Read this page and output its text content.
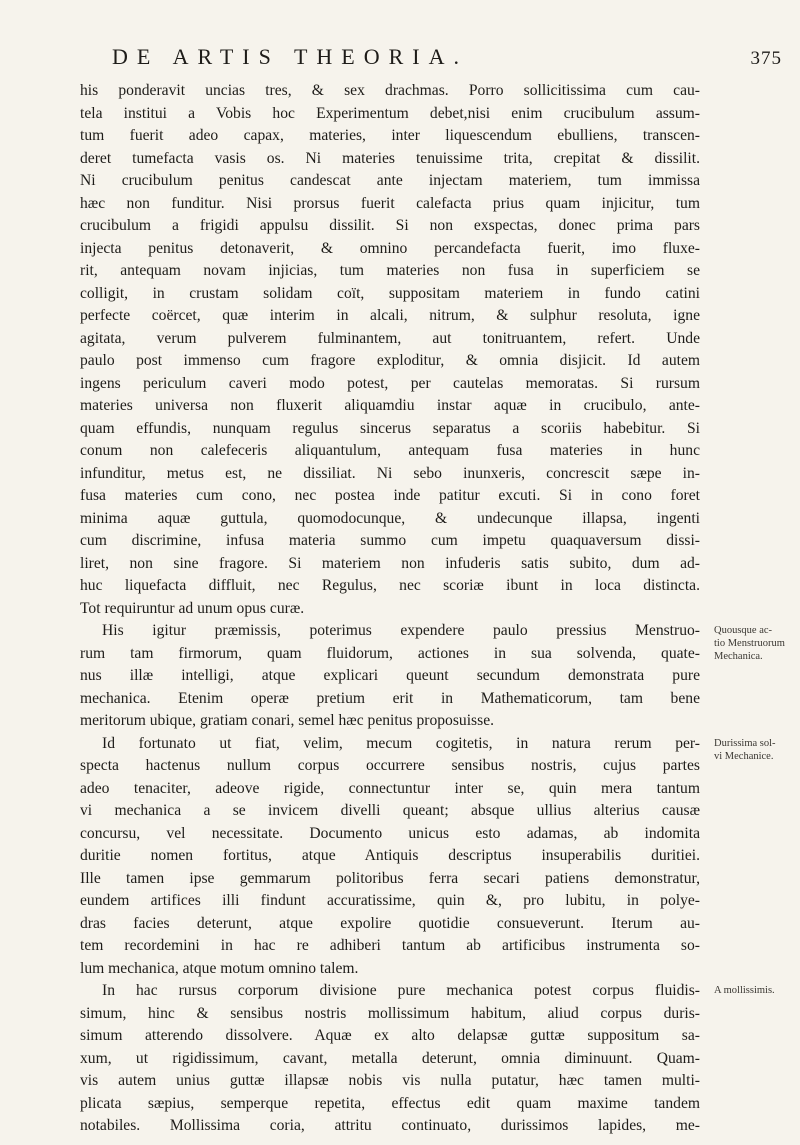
DE ARTIS THEORIA.	375
his ponderavit uncias tres, & sex drachmas. Porro sollicitissima cum cau-
tela institui a Vobis hoc Experimentum debet,nisi enim crucibulum assum-
tum fuerit adeo capax, materies, inter liquescendum ebulliens, transcen-
deret tumefacta vasis os. Ni materies tenuissime trita, crepitat & dissilit.
Ni crucibulum penitus candescat ante injectam materiem, tum immissa
hæc non funditur. Nisi prorsus fuerit calefacta prius quam injicitur, tum
crucibulum a frigidi appulsu dissilit. Si non exspectas, donec prima pars
injecta penitus detonaverit, & omnino percandefacta fuerit, imo fluxe-
rit, antequam novam injicias, tum materies non fusa in superficiem se
colligit, in crustam solidam coït, suppositam materiem in fundo catini
perfecte coërcet, quæ interim in alcali, nitrum, & sulphur resoluta, igne
agitata, verum pulverem fulminantem, aut tonitruantem, refert. Unde
paulo post immenso cum fragore exploditur, & omnia disjicit. Id autem
ingens periculum caveri modo potest, per cautelas memoratas. Si rursum
materies universa non fluxerit aliquamdiu instar aquæ in crucibulo, ante-
quam effundis, nunquam regulus sincerus separatus a scoriis habebitur. Si
conum non calefeceris aliquantulum, antequam fusa materies in hunc
infunditur, metus est, ne dissiliat. Ni sebo inunxeris, concrescit sæpe in-
fusa materies cum cono, nec postea inde patitur excuti. Si in cono foret
minima aquæ guttula, quomodocunque, & undecunque illapsa, ingenti
cum discrimine, infusa materia summo cum impetu quaquaversum dissi-
liret, non sine fragore. Si materiem non infuderis satis subito, dum ad-
huc liquefacta diffluit, nec Regulus, nec scoriæ ibunt in loca distincta.
Tot requiruntur ad unum opus curæ.
His igitur præmissis, poterimus expendere paulo pressius Menstruo-
rum tam firmorum, quam fluidorum, actiones in sua solvenda, quate-
nus illæ intelligi, atque explicari queunt secundum demonstrata pure
mechanica. Etenim operæ pretium erit in Mathematicorum, tam bene
meritorum ubique, gratiam conari, semel hæc penitus proposuisse.
Id fortunato ut fiat, velim, mecum cogitetis, in natura rerum per-
specta hactenus nullum corpus occurrere sensibus nostris, cujus partes
adeo tenaciter, adeove rigide, connectuntur inter se, quin mera tantum
vi mechanica a se invicem divelli queant; absque ullius alterius causæ
concursu, vel necessitate. Documento unicus esto adamas, ab indomita
duritie nomen fortitus, atque Antiquis descriptus insuperabilis duritiei.
Ille tamen ipse gemmarum politoribus ferra secari patiens demonstratur,
eundem artifices illi findunt accuratissime, quin &, pro lubitu, in polye-
dras facies deterunt, atque expolire quotidie consueverunt. Iterum au-
tem recordemini in hac re adhiberi tantum ab artificibus instrumenta so-
lum mechanica, atque motum omnino talem.
In hac rursus corporum divisione pure mechanica potest corpus fluidis-
simum, hinc & sensibus nostris mollissimum habitum, aliud corpus duris-
simum atterendo dissolvere. Aquæ ex alto delapsæ guttæ suppositum sa-
xum, ut rigidissimum, cavant, metalla deterunt, omnia diminuunt. Quam-
vis autem unius guttæ illapsæ nobis vis nulla putatur, hæc tamen multi-
plicata sæpius, semperque repetita, effectus edit quam maxime tandem
notabiles. Mollissima coria, attritu continuato, durissimos lapides, me-
Quousque ac-
tio Menstruorum
Mechanica.
Durissima sol-
vi Mechanice.
A mollissimis.
